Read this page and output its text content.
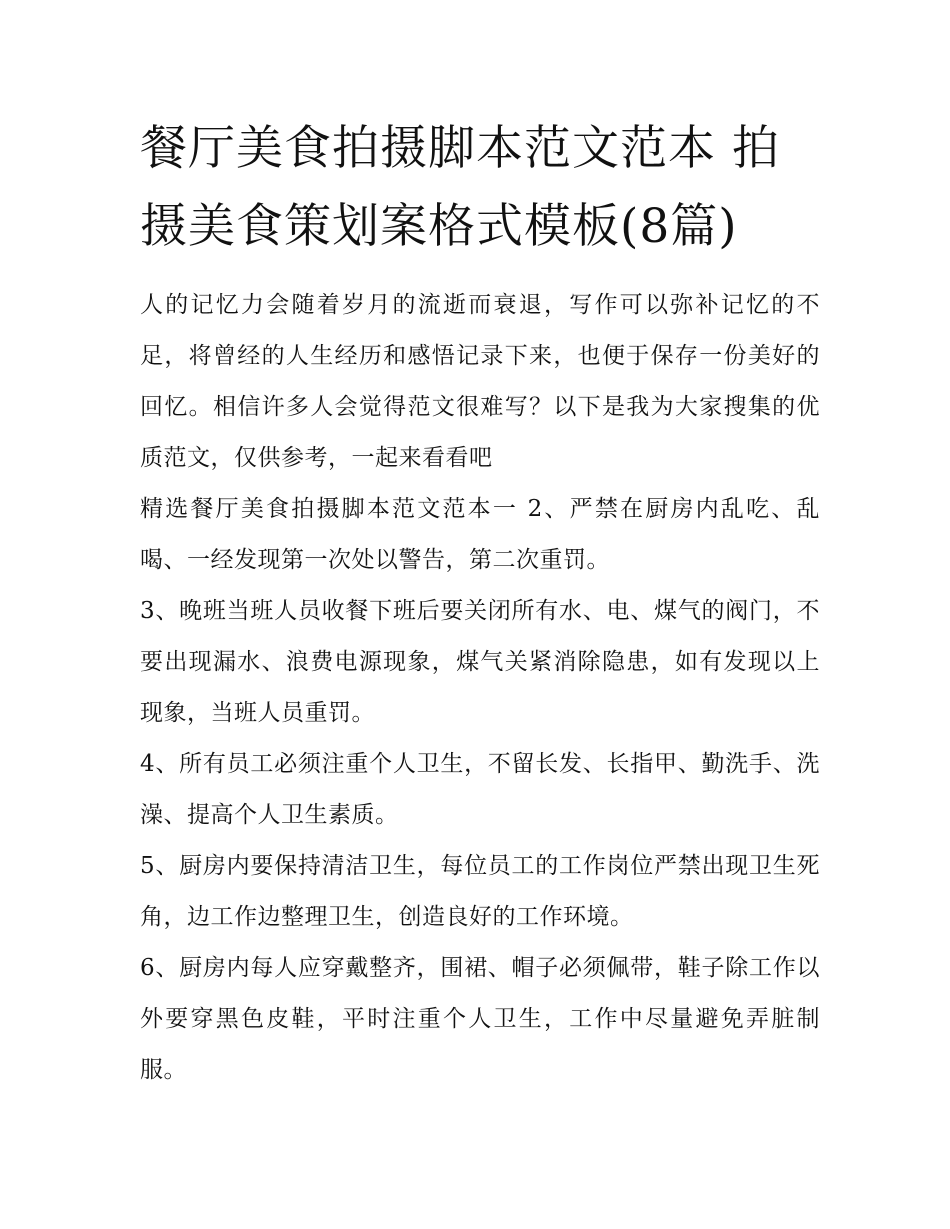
餐厅美食拍摄脚本范文范本 拍摄美食策划案格式模板(8篇)

人的记忆力会随着岁月的流逝而衰退，写作可以弥补记忆的不足，将曾经的人生经历和感悟记录下来，也便于保存一份美好的回忆。相信许多人会觉得范文很难写？以下是我为大家搜集的优质范文，仅供参考，一起来看看吧

精选餐厅美食拍摄脚本范文范本一 2、严禁在厨房内乱吃、乱喝、一经发现第一次处以警告，第二次重罚。

3、晚班当班人员收餐下班后要关闭所有水、电、煤气的阀门，不要出现漏水、浪费电源现象，煤气关紧消除隐患，如有发现以上现象，当班人员重罚。

4、所有员工必须注重个人卫生，不留长发、长指甲、勤洗手、洗澡、提高个人卫生素质。

5、厨房内要保持清洁卫生，每位员工的工作岗位严禁出现卫生死角，边工作边整理卫生，创造良好的工作环境。

6、厨房内每人应穿戴整齐，围裙、帽子必须佩带，鞋子除工作以外要穿黑色皮鞋，平时注重个人卫生，工作中尽量避免弄脏制服。
